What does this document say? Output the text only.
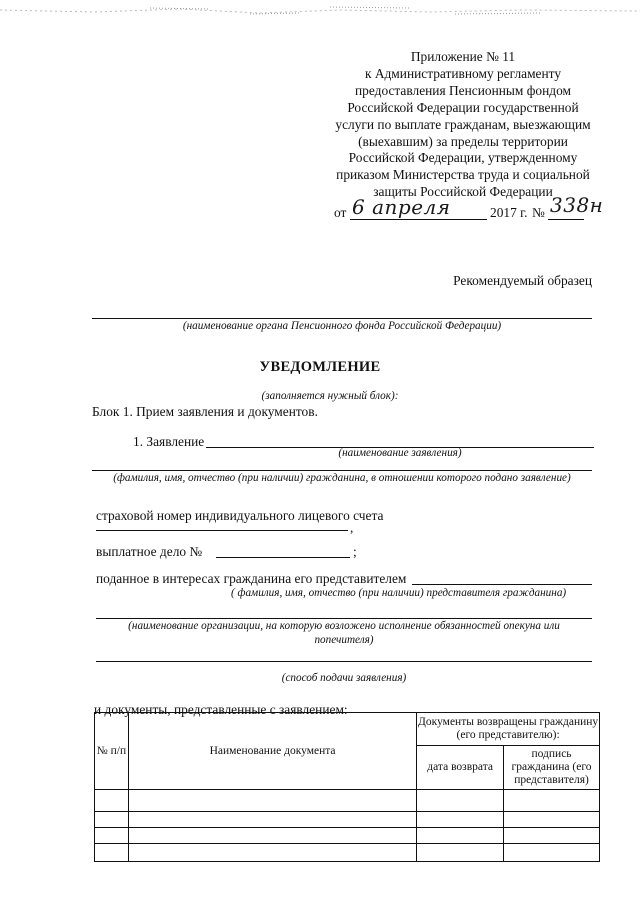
Приложение № 11
к Административному регламенту
предоставления Пенсионным фондом
Российской Федерации государственной
услуги по выплате гражданам, выезжающим
(выехавшим) за пределы территории
Российской Федерации, утвержденному
приказом Министерства труда и социальной
защиты Российской Федерации
от 6 апреля	2017 г. № 338н
Рекомендуемый образец
(наименование органа Пенсионного фонда Российской Федерации)
УВЕДОМЛЕНИЕ
(заполняется нужный блок):
Блок 1. Прием заявления и документов.
1. Заявление
(наименование заявления)
(фамилия, имя, отчество (при наличии) гражданина, в отношении которого подано заявление)
страховой номер индивидуального лицевого счета
,
выплатное дело №	;
поданное в интересах гражданина его представителем
( фамилия, имя, отчество (при наличии) представителя гражданина)
(наименование организации, на которую возложено исполнение обязанностей опекуна или
попечителя)
(способ подачи заявления)
и документы, представленные с заявлением:
№ п/п	Наименование документа	Документы возвращены гражданину (его представителю):	
		дата возврата	подпись гражданина (его представителя)
